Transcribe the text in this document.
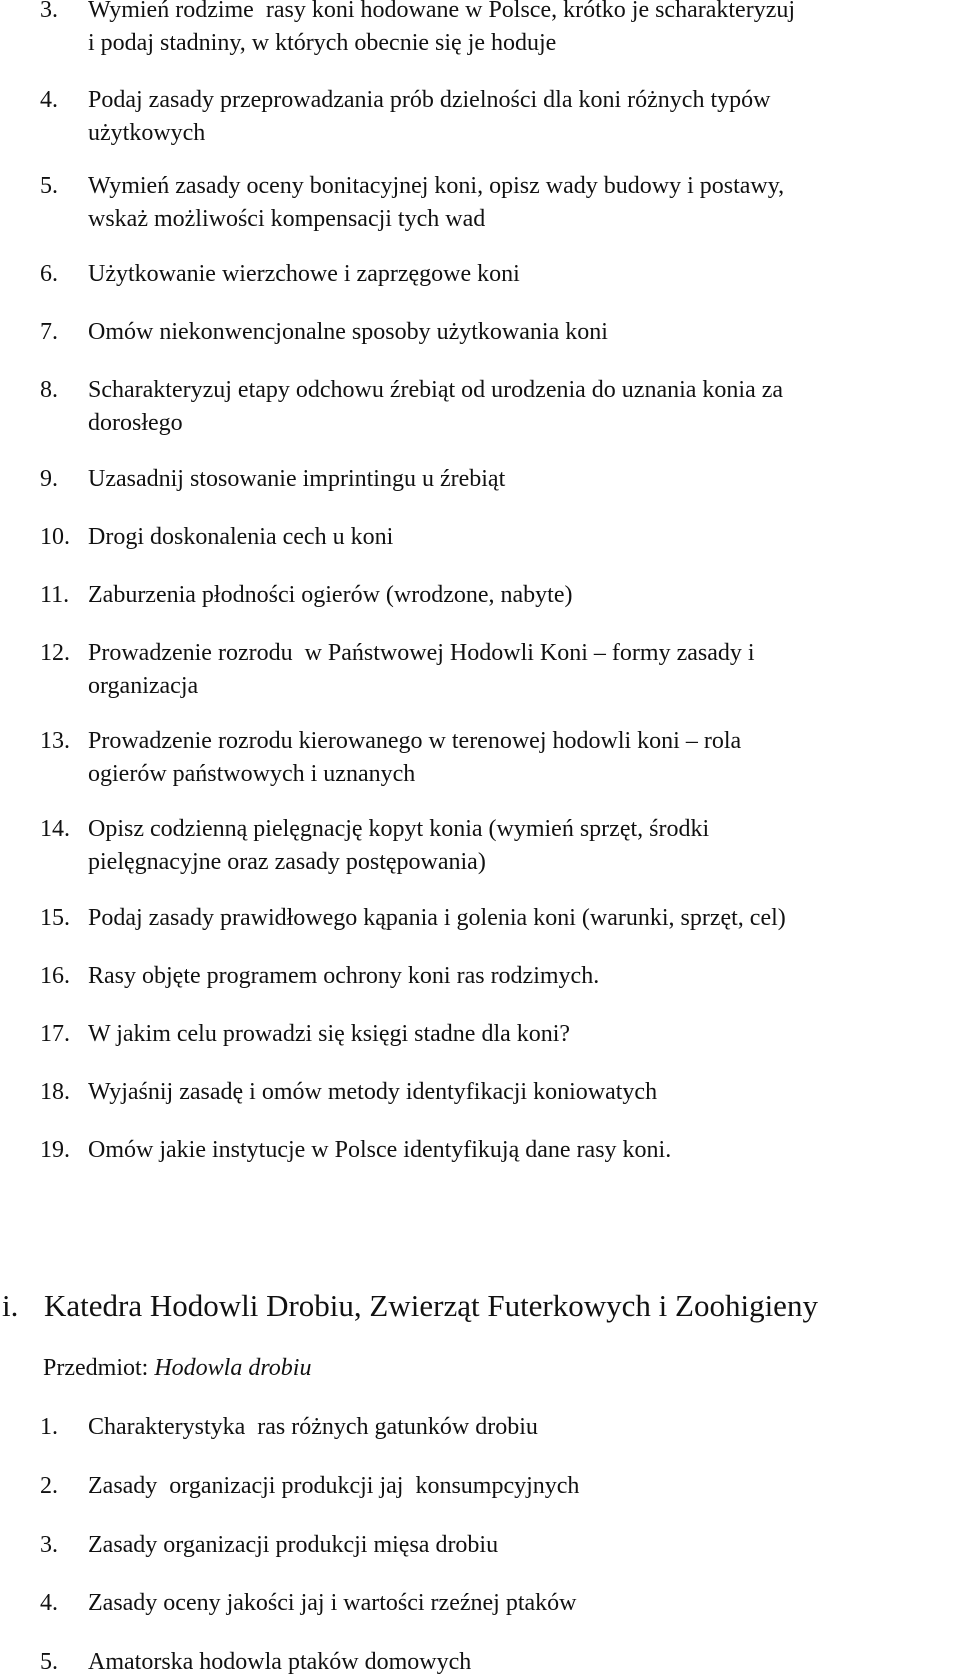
3. Wymień rodzime  rasy koni hodowane w Polsce, krótko je scharakteryzuj
i podaj stadniny, w których obecnie się je hoduje
4. Podaj zasady przeprowadzania prób dzielności dla koni różnych typów
użytkowych
5. Wymień zasady oceny bonitacyjnej koni, opisz wady budowy i postawy,
wskaż możliwości kompensacji tych wad
6. Użytkowanie wierzchowe i zaprzęgowe koni
7. Omów niekonwencjonalne sposoby użytkowania koni
8. Scharakteryzuj etapy odchowu źrebiąt od urodzenia do uznania konia za
dorosłego
9. Uzasadnij stosowanie imprintingu u źrebiąt
10. Drogi doskonalenia cech u koni
11. Zaburzenia płodności ogierów (wrodzone, nabyte)
12. Prowadzenie rozrodu  w Państwowej Hodowli Koni – formy zasady i
organizacja
13. Prowadzenie rozrodu kierowanego w terenowej hodowli koni – rola
ogierów państwowych i uznanych
14. Opisz codzienną pielęgnację kopyt konia (wymień sprzęt, środki
pielęgnacyjne oraz zasady postępowania)
15. Podaj zasady prawidłowego kąpania i golenia koni (warunki, sprzęt, cel)
16. Rasy objęte programem ochrony koni ras rodzimych.
17. W jakim celu prowadzi się księgi stadne dla koni?
18. Wyjaśnij zasadę i omów metody identyfikacji koniowatych
19. Omów jakie instytucje w Polsce identyfikują dane rasy koni.
i. Katedra Hodowli Drobiu, Zwierząt Futerkowych i Zoohigieny
Przedmiot: Hodowla drobiu
1. Charakterystyka  ras różnych gatunków drobiu
2. Zasady  organizacji produkcji jaj  konsumpcyjnych
3. Zasady organizacji produkcji mięsa drobiu
4. Zasady oceny jakości jaj i wartości rzeźnej ptaków
5. Amatorska hodowla ptaków domowych
